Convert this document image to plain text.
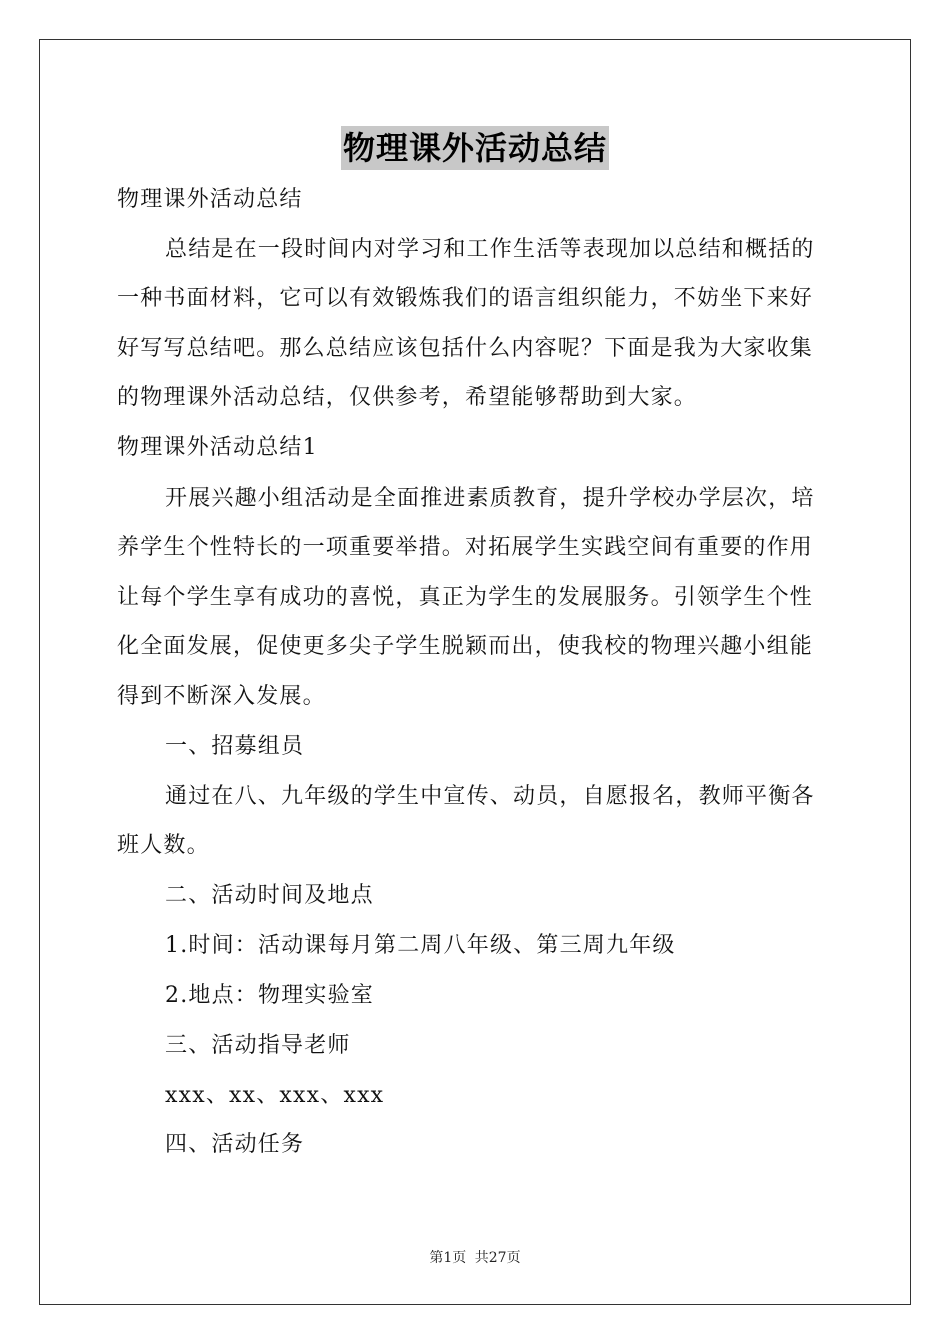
物理课外活动总结
物理课外活动总结
总结是在一段时间内对学习和工作生活等表现加以总结和概括的
一种书面材料，它可以有效锻炼我们的语言组织能力，不妨坐下来好
好写写总结吧。那么总结应该包括什么内容呢？下面是我为大家收集
的物理课外活动总结，仅供参考，希望能够帮助到大家。
物理课外活动总结1
开展兴趣小组活动是全面推进素质教育，提升学校办学层次，培
养学生个性特长的一项重要举措。对拓展学生实践空间有重要的作用
让每个学生享有成功的喜悦，真正为学生的发展服务。引领学生个性
化全面发展，促使更多尖子学生脱颖而出，使我校的物理兴趣小组能
得到不断深入发展。
一、招募组员
通过在八、九年级的学生中宣传、动员，自愿报名，教师平衡各
班人数。
二、活动时间及地点
1.时间：活动课每月第二周八年级、第三周九年级
2.地点：物理实验室
三、活动指导老师
xxx、xx、xxx、xxx
四、活动任务
第1页 共27页
